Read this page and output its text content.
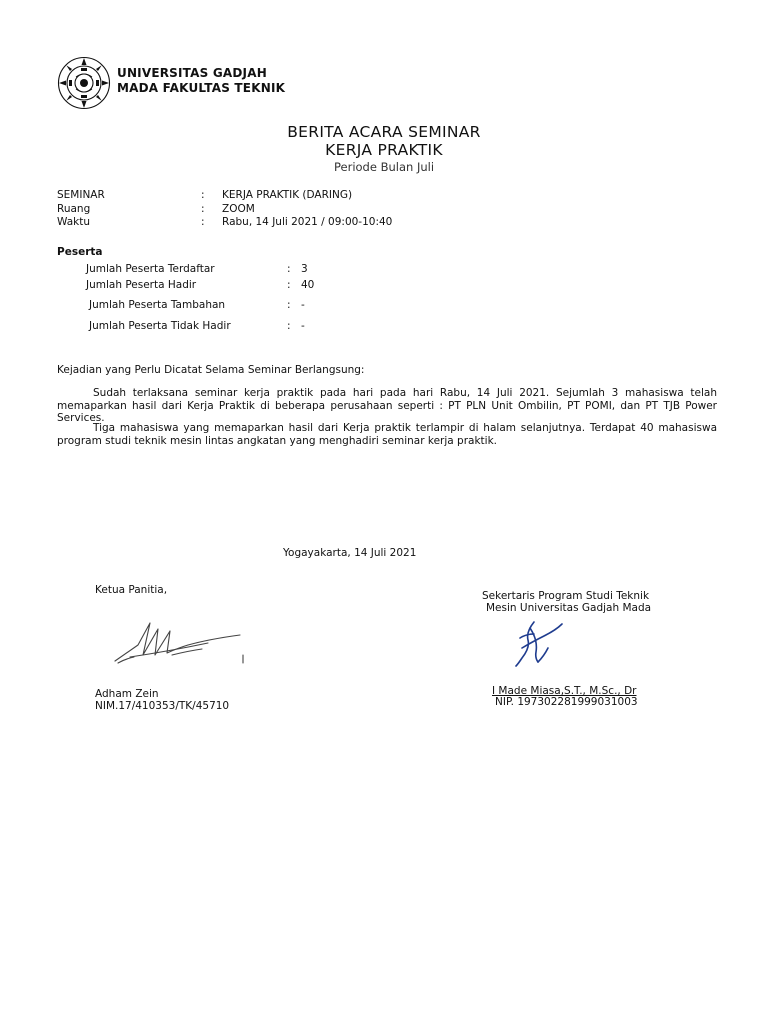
UNIVERSITAS GADJAH
MADA FAKULTAS TEKNIK
BERITA ACARA SEMINAR
KERJA PRAKTIK
Periode Bulan Juli
SEMINAR	: KERJA PRAKTIK (DARING)
Ruang	: ZOOM
Waktu	: Rabu, 14 Juli 2021 / 09:00-10:40
Peserta
Jumlah Peserta Terdaftar	: 3
Jumlah Peserta Hadir	: 40
Jumlah Peserta Tambahan	: -
Jumlah Peserta Tidak Hadir	: -
Kejadian yang Perlu Dicatat Selama Seminar Berlangsung:
Sudah terlaksana seminar kerja praktik pada hari pada hari Rabu, 14 Juli 2021. Sejumlah 3 mahasiswa telah memaparkan hasil dari Kerja Praktik di beberapa perusahaan seperti : PT PLN Unit Ombilin, PT POMI, dan PT TJB Power Services.
Tiga mahasiswa yang memaparkan hasil dari Kerja praktik terlampir di halam selanjutnya. Terdapat 40 mahasiswa program studi teknik mesin lintas angkatan yang menghadiri seminar kerja praktik.
Yogayakarta, 14 Juli 2021
Ketua Panitia,
Adham Zein
NIM.17/410353/TK/45710
Sekertaris Program Studi Teknik
Mesin Universitas Gadjah Mada
I Made Miasa,S.T., M.Sc., Dr
NIP. 197302281999031003
